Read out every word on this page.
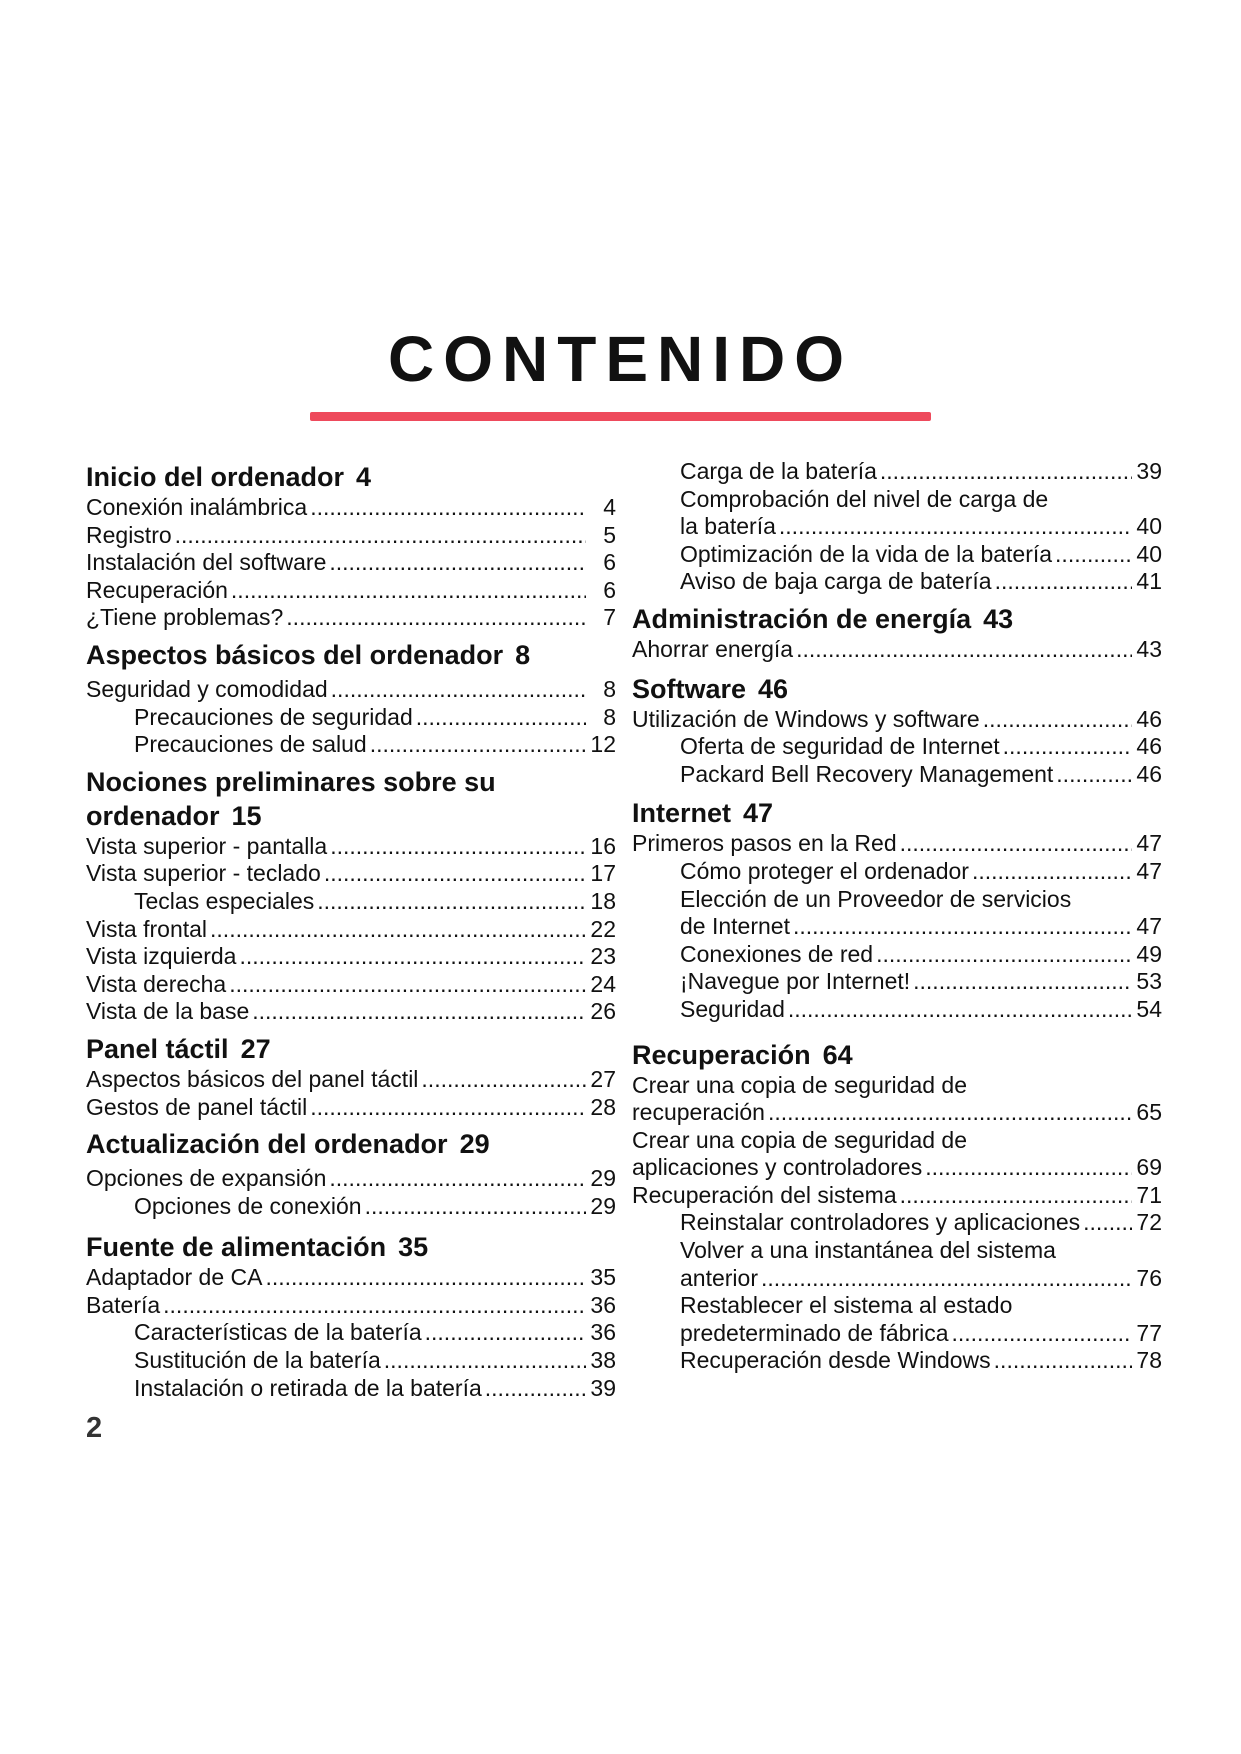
CONTENIDO
Inicio del ordenador 4
Conexión inalámbrica .....	4
Registro .....	5
Instalación del software .....	6
Recuperación .....	6
¿Tiene problemas? .....	7
Aspectos básicos del ordenador 8
Seguridad y comodidad .....	8
Precauciones de seguridad .....	8
Precauciones de salud .....	12
Nociones preliminares sobre su
ordenador 15
Vista superior - pantalla .....	16
Vista superior - teclado .....	17
Teclas especiales .....	18
Vista frontal .....	22
Vista izquierda .....	23
Vista derecha .....	24
Vista de la base .....	26
Panel táctil 27
Aspectos básicos del panel táctil .....	27
Gestos de panel táctil .....	28
Actualización del ordenador 29
Opciones de expansión .....	29
Opciones de conexión .....	29
Fuente de alimentación 35
Adaptador de CA .....	35
Batería .....	36
Características de la batería .....	36
Sustitución de la batería .....	38
Instalación o retirada de la batería .....	39
Carga de la batería .....	39
Comprobación del nivel de carga de
la batería .....	40
Optimización de la vida de la batería .....	40
Aviso de baja carga de batería .....	41
Administración de energía 43
Ahorrar energía .....	43
Software 46
Utilización de Windows y software .....	46
Oferta de seguridad de Internet .....	46
Packard Bell Recovery Management .....	46
Internet 47
Primeros pasos en la Red .....	47
Cómo proteger el ordenador .....	47
Elección de un Proveedor de servicios
de Internet .....	47
Conexiones de red .....	49
¡Navegue por Internet! .....	53
Seguridad .....	54
Recuperación 64
Crear una copia de seguridad de
recuperación .....	65
Crear una copia de seguridad de
aplicaciones y controladores .....	69
Recuperación del sistema .....	71
Reinstalar controladores y aplicaciones ..... 72
Volver a una instantánea del sistema
anterior .....	76
Restablecer el sistema al estado
predeterminado de fábrica .....	77
Recuperación desde Windows .....	78
2
